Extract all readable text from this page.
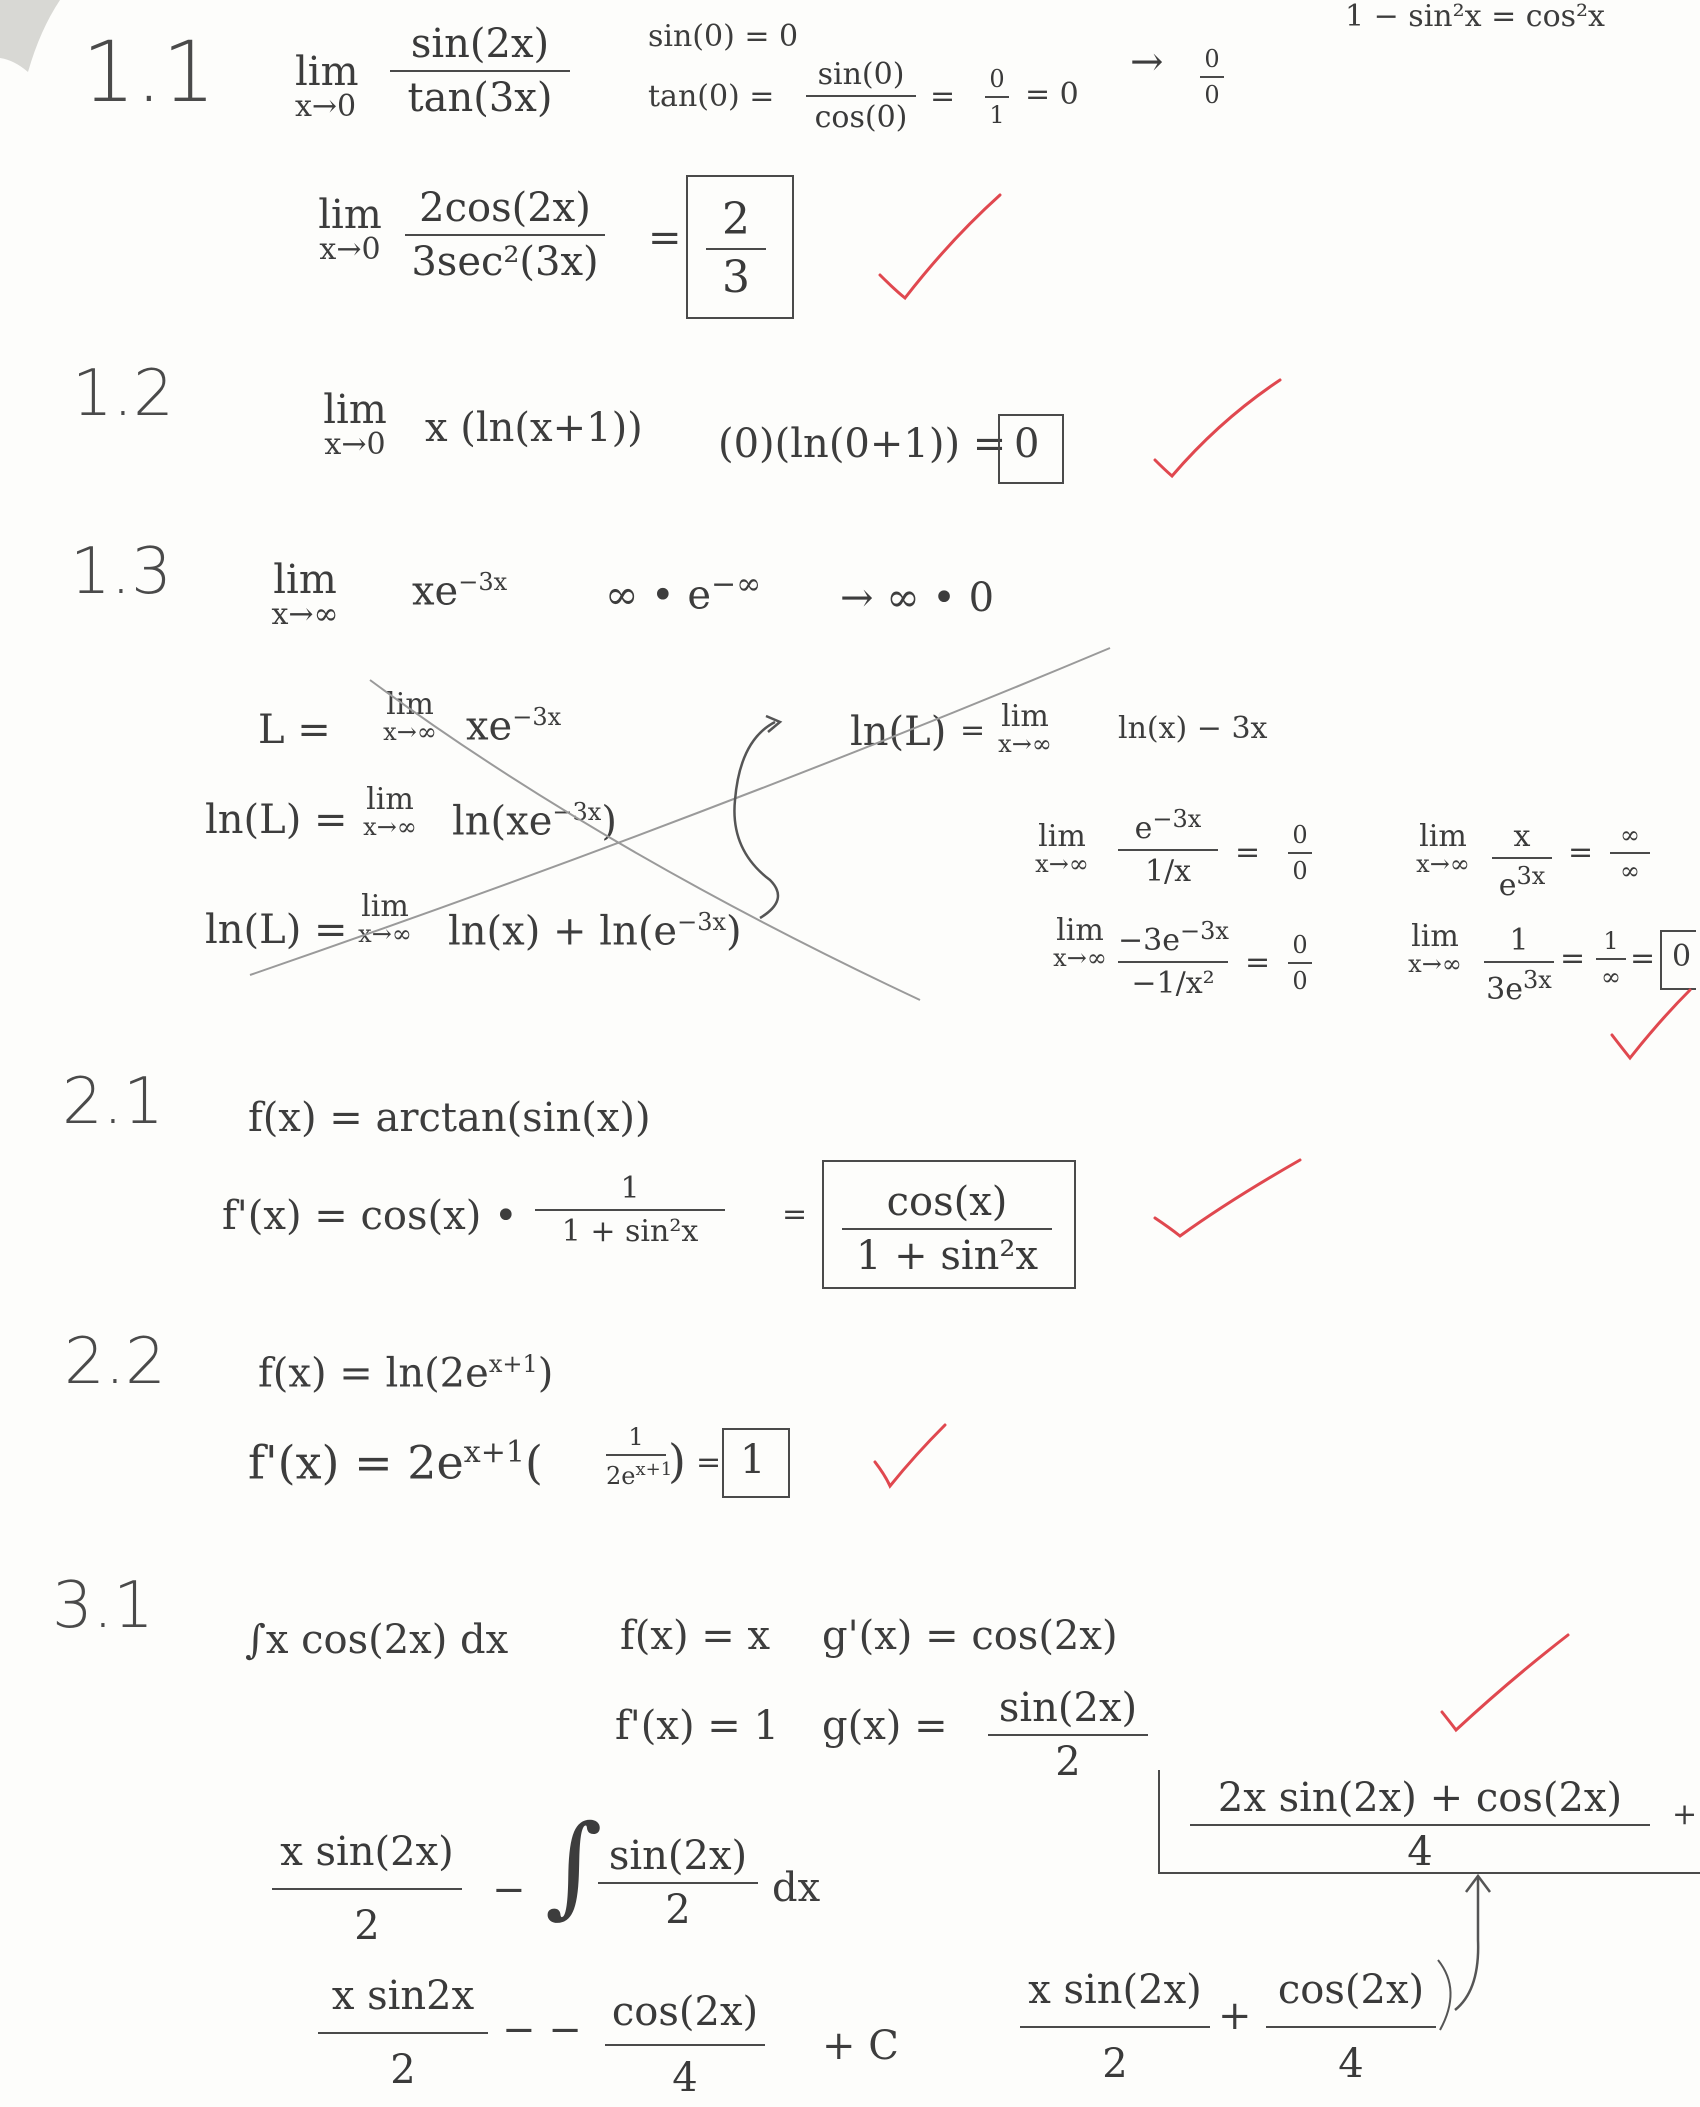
1.1 lim
x→0
sin(2x)
tan(3x)
sin(0) = 0
tan(0) =
sin(0)
cos(0)
= 0
1
= 0
→ 0
0
1 − sin²x = cos²x
lim
x→0
2cos(2x)
3sec²(3x)
= 2
3
1.2	lim
x→0 x (ln(x+1)) (0)(ln(0+1)) = 0
1.3	lim
x→∞
$xe^{-3x}$ ∞ • e−∞ → ∞ • 0
L =
lim
x→∞ $xe^{-3x}$
ln(L) = lim
x→∞ $\ln(xe^{-3x})$
ln(L) =
lim
x→∞ $\ln(x) + \ln(e^{-3x})$
ln(L) = lim
x→∞	ln(x) − 3x
lim
x→∞
$e^{-3x}$
1/x
= 0
0
lim
x→∞
x
$e^{3x}$
=	∞
∞
lim
$x\to\infty -3e^{-3x}$
−1/x²
= 0
0
lim
x→∞
1
$3e^{3x}$
= 1
∞
= 0
2.1 f(x) = arctan(sin(x))
f'(x) = cos(x) •
1
1 + sin²x	=	cos(x)
1 + sin²x
2.2 $f(x) = \ln(2e^{x+1})$
$f'(x) = 2e^{x+1}$(	1
$2e^{x+1}$
) = 1
3.1 ∫x cos(2x) dx	f(x) = x g'(x) = cos(2x)
f'(x) = 1 g(x) = sin(2x)
2
x sin(2x)
2
− ∫ sin(2x)
2	dx
x sin2x
2
− − cos(2x)
4
+ C
x sin(2x)
2
+
cos(2x)
4
2x sin(2x) + cos(2x)
4
+
